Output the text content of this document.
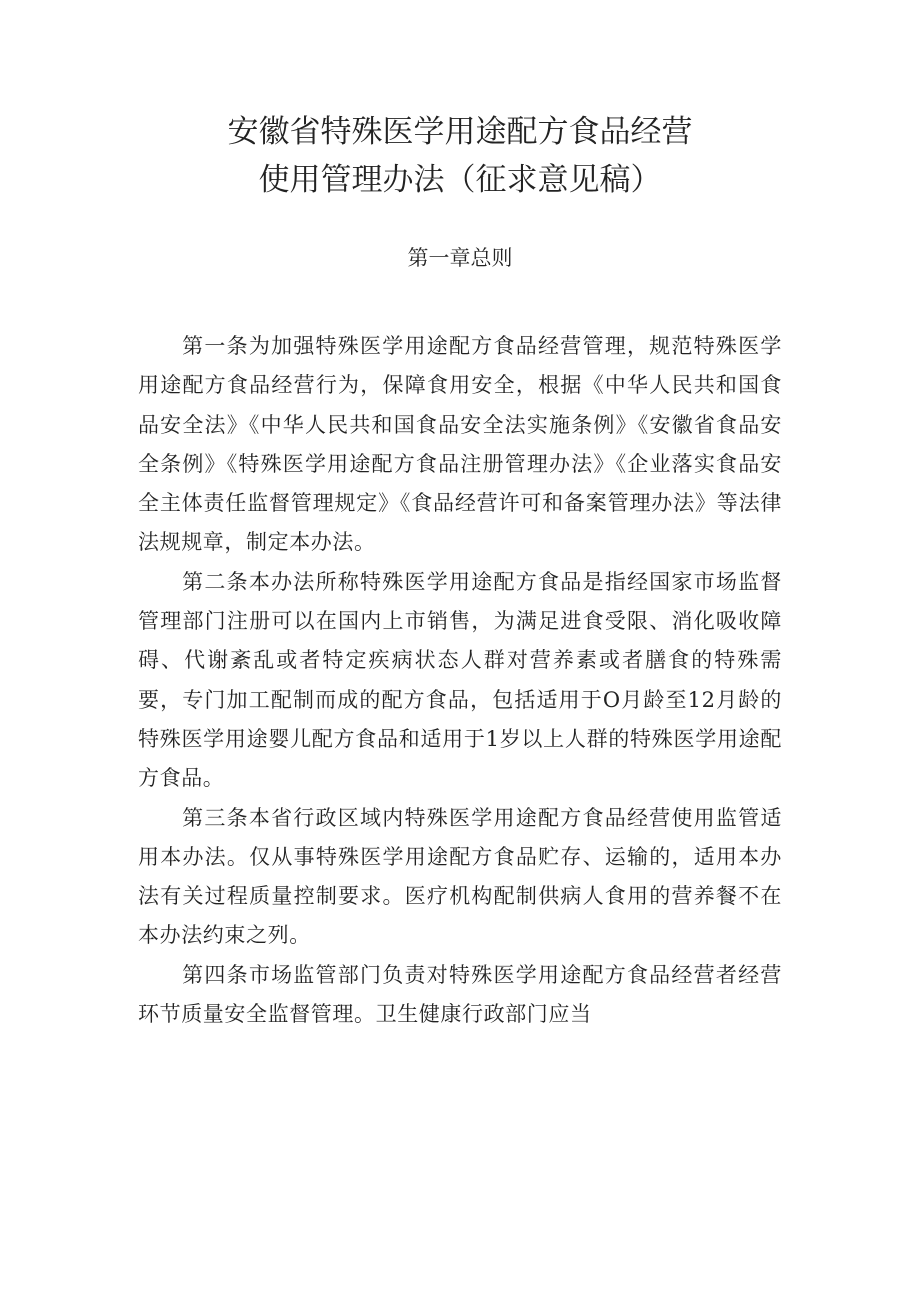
安徽省特殊医学用途配方食品经营
使用管理办法（征求意见稿）
第一章总则

第一条为加强特殊医学用途配方食品经营管理，规范特殊医学用途配方食品经营行为，保障食用安全，根据《中华人民共和国食品安全法》《中华人民共和国食品安全法实施条例》《安徽省食品安全条例》《特殊医学用途配方食品注册管理办法》《企业落实食品安全主体责任监督管理规定》《食品经营许可和备案管理办法》等法律法规规章，制定本办法。

第二条本办法所称特殊医学用途配方食品是指经国家市场监督管理部门注册可以在国内上市销售，为满足进食受限、消化吸收障碍、代谢紊乱或者特定疾病状态人群对营养素或者膳食的特殊需要，专门加工配制而成的配方食品，包括适用于O月龄至12月龄的特殊医学用途婴儿配方食品和适用于1岁以上人群的特殊医学用途配方食品。

第三条本省行政区域内特殊医学用途配方食品经营使用监管适用本办法。仅从事特殊医学用途配方食品贮存、运输的，适用本办法有关过程质量控制要求。医疗机构配制供病人食用的营养餐不在本办法约束之列。

第四条市场监管部门负责对特殊医学用途配方食品经营者经营环节质量安全监督管理。卫生健康行政部门应当
